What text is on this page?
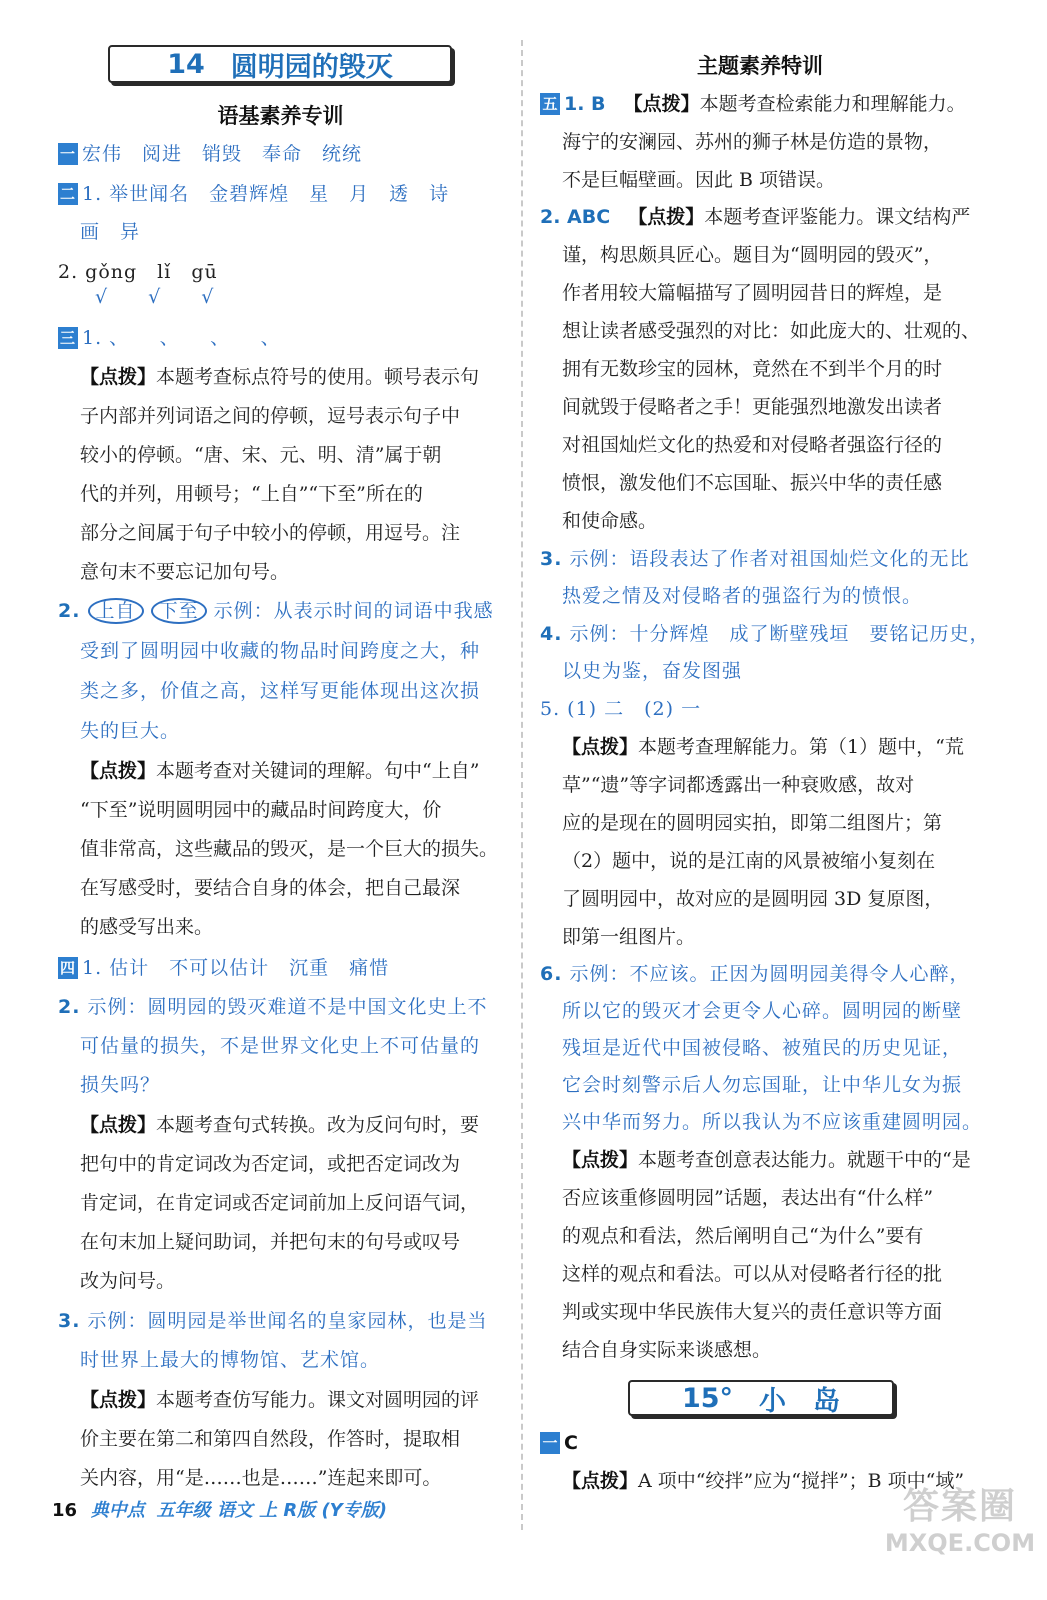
14 圆明园的毁灭
语基素养专训
一 宏伟　阅进　销毁　奉命　统统
二 1. 举世闻名　金碧辉煌　星　月　透　诗
画　异
2. gǒng　lǐ　gū
√　　√　　√
三 1. 、　　、　　、　　、
【点拨】本题考查标点符号的使用。顿号表示句
子内部并列词语之间的停顿，逗号表示句子中
较小的停顿。“唐、宋、元、明、清”属于朝
代的并列，用顿号；“上自”“下至”所在的
部分之间属于句子中较小的停顿，用逗号。注
意句末不要忘记加句号。
2. 上自 下至 示例：从表示时间的词语中我感
受到了圆明园中收藏的物品时间跨度之大，种
类之多，价值之高，这样写更能体现出这次损
失的巨大。
【点拨】本题考查对关键词的理解。句中“上自”
“下至”说明圆明园中的藏品时间跨度大，价
值非常高，这些藏品的毁灭，是一个巨大的损失。
在写感受时，要结合自身的体会，把自己最深
的感受写出来。
四 1. 估计　不可以估计　沉重　痛惜
2. 示例：圆明园的毁灭难道不是中国文化史上不
可估量的损失，不是世界文化史上不可估量的
损失吗？
【点拨】本题考查句式转换。改为反问句时，要
把句中的肯定词改为否定词，或把否定词改为
肯定词，在肯定词或否定词前加上反问语气词，
在句末加上疑问助词，并把句末的句号或叹号
改为问号。
3. 示例：圆明园是举世闻名的皇家园林，也是当
时世界上最大的博物馆、艺术馆。
【点拨】本题考查仿写能力。课文对圆明园的评
价主要在第二和第四自然段，作答时，提取相
关内容，用“是……也是……”连起来即可。
主题素养特训
五 1. B 【点拨】本题考查检索能力和理解能力。
海宁的安澜园、苏州的狮子林是仿造的景物，
不是巨幅壁画。因此 B 项错误。
2. ABC 【点拨】本题考查评鉴能力。课文结构严
谨，构思颇具匠心。题目为“圆明园的毁灭”，
作者用较大篇幅描写了圆明园昔日的辉煌，是
想让读者感受强烈的对比：如此庞大的、壮观的、
拥有无数珍宝的园林，竟然在不到半个月的时
间就毁于侵略者之手！更能强烈地激发出读者
对祖国灿烂文化的热爱和对侵略者强盗行径的
愤恨，激发他们不忘国耻、振兴中华的责任感
和使命感。
3. 示例：语段表达了作者对祖国灿烂文化的无比
热爱之情及对侵略者的强盗行为的愤恨。
4. 示例：十分辉煌　成了断壁残垣　要铭记历史，
以史为鉴，奋发图强
5. (1) 二　(2) 一
【点拨】本题考查理解能力。第（1）题中，“荒
草”“遗”等字词都透露出一种衰败感，故对
应的是现在的圆明园实拍，即第二组图片；第
（2）题中，说的是江南的风景被缩小复刻在
了圆明园中，故对应的是圆明园 3D 复原图，
即第一组图片。
6. 示例：不应该。正因为圆明园美得令人心醉，
所以它的毁灭才会更令人心碎。圆明园的断壁
残垣是近代中国被侵略、被殖民的历史见证，
它会时刻警示后人勿忘国耻，让中华儿女为振
兴中华而努力。所以我认为不应该重建圆明园。
【点拨】本题考查创意表达能力。就题干中的“是
否应该重修圆明园”话题，表达出有“什么样”
的观点和看法，然后阐明自己“为什么”要有
这样的观点和看法。可以从对侵略者行径的批
判或实现中华民族伟大复兴的责任意识等方面
结合自身实际来谈感想。
15° 小　岛
一 C
【点拨】A 项中“绞拌”应为“搅拌”；B 项中“域”
16 典中点 五年级 语文 上 R版 (Y专版)	答案圈
MXQE.COM
